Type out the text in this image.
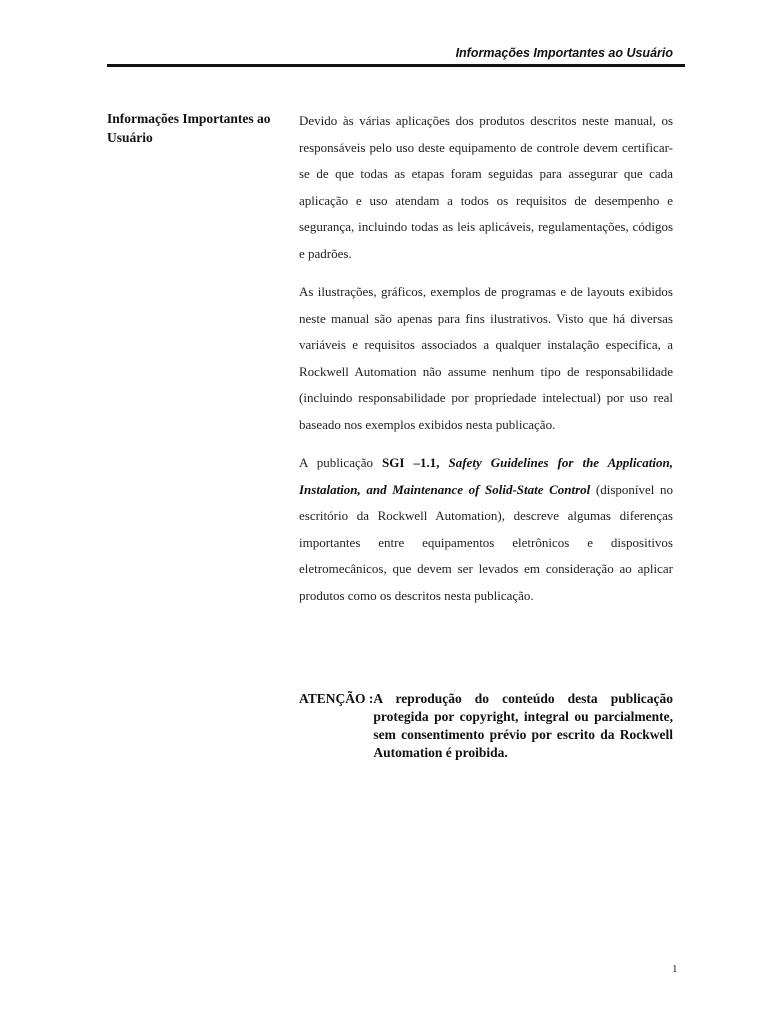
Informações Importantes ao Usuário
Informações Importantes ao Usuário

Devido às várias aplicações dos produtos descritos neste manual, os responsáveis pelo uso deste equipamento de controle devem certificar-se de que todas as etapas foram seguidas para assegurar que cada aplicação e uso atendam a todos os requisitos de desempenho e segurança, incluindo todas as leis aplicáveis, regulamentações, códigos e padrões.

As ilustrações, gráficos, exemplos de programas e de layouts exibidos neste manual são apenas para fins ilustrativos. Visto que há diversas variáveis e requisitos associados a qualquer instalação especifica, a Rockwell Automation não assume nenhum tipo de responsabilidade (incluindo responsabilidade por propriedade intelectual) por uso real baseado nos exemplos exibidos nesta publicação.

A publicação SGI –1.1, Safety Guidelines for the Application, Instalation, and Maintenance of Solid-State Control (disponível no escritório da Rockwell Automation), descreve algumas diferenças importantes entre equipamentos eletrônicos e dispositivos eletromecânicos, que devem ser levados em consideração ao aplicar produtos como os descritos nesta publicação.

ATENÇÃO : A reprodução do conteúdo desta publicação protegida por copyright, integral ou parcialmente, sem consentimento prévio por escrito da Rockwell Automation é proibida.
1
